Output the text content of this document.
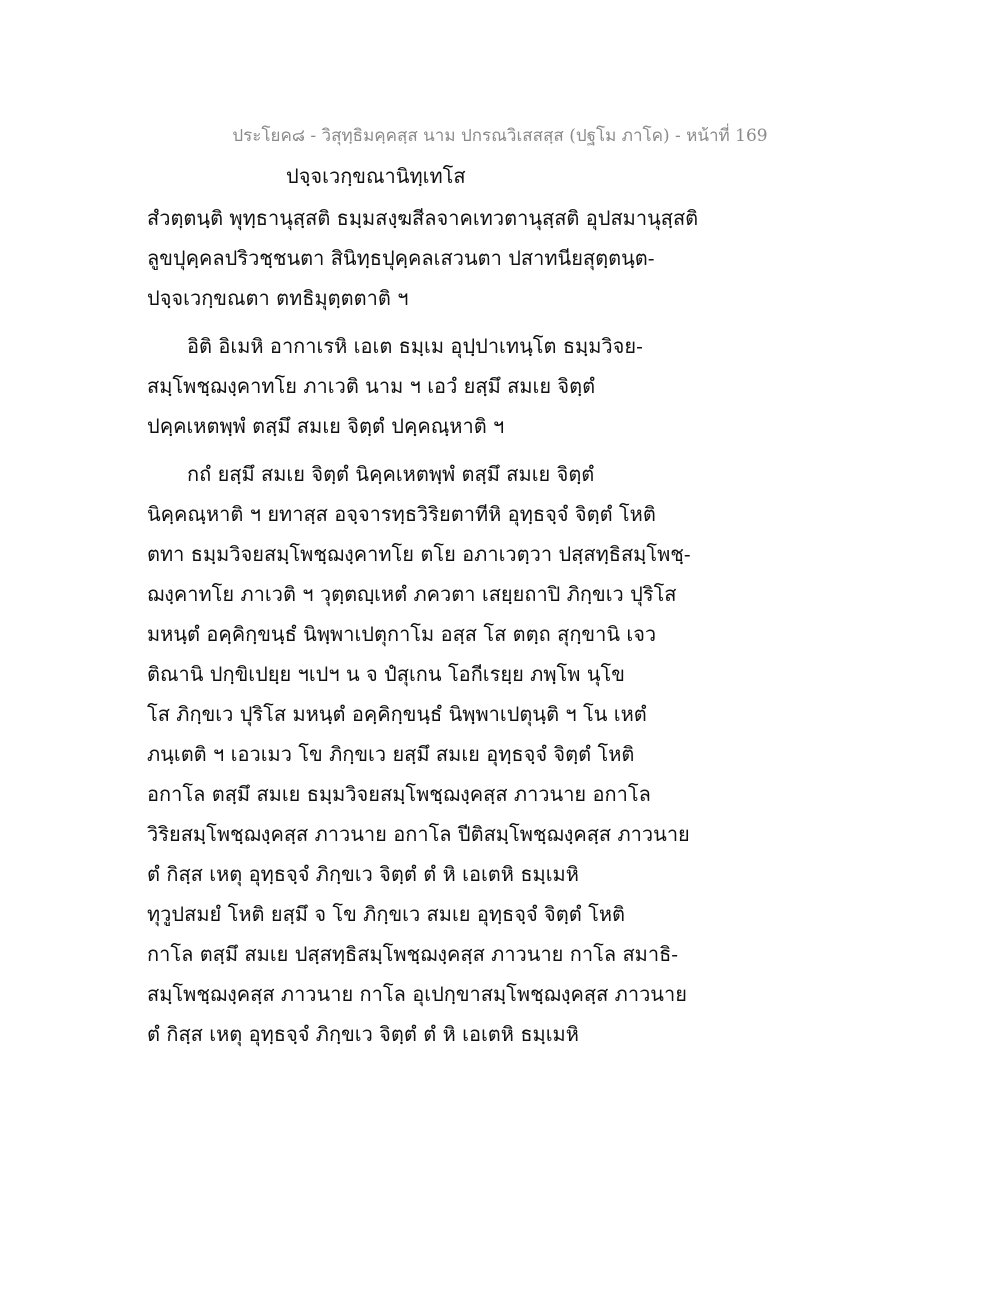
ประโยค๘ - วิสุทฺธิมคฺคสฺส นาม ปกรณวิเสสสฺส (ปฐโม ภาโค) - หน้าที่ 169
ปจฺจเวกฺขณานิทฺเทโส
สํวตฺตนฺติ พุทฺธานุสฺสติ ธมฺมสงฺฆสีลจาคเทวตานุสฺสติ อุปสมานุสฺสติ
ลูขปุคฺคลปริวชฺชนตา สินิทฺธปุคฺคลเสวนตา ปสาทนียสุตฺตนฺต-
ปจฺจเวกฺขณตา ตทธิมุตฺตตาติ ฯ
อิติ อิเมหิ อากาเรหิ เอเต ธมฺเม อุปฺปาเทนฺโต ธมฺมวิจย-
สมฺโพชฺฌงฺคาทโย ภาเวติ นาม ฯ เอวํ ยสฺมึ สมเย จิตฺตํ
ปคฺคเหตพฺพํ ตสฺมึ สมเย จิตฺตํ ปคฺคณฺหาติ ฯ
กถํ ยสฺมึ สมเย จิตฺตํ นิคฺคเหตพฺพํ ตสฺมึ สมเย จิตฺตํ
นิคฺคณฺหาติ ฯ ยทาสฺส อจฺจารทฺธวิริยตาทีหิ อุทฺธจฺจํ จิตฺตํ โหติ
ตทา ธมฺมวิจยสมฺโพชฺฌงฺคาทโย ตโย อภาเวตฺวา ปสฺสทฺธิสมฺโพชฺ-
ฌงฺคาทโย ภาเวติ ฯ วุตฺตญฺเหตํ ภควตา เสยฺยถาปิ ภิกฺขเว ปุริโส
มหนฺตํ อคฺคิกฺขนฺธํ นิพฺพาเปตุกาโม อสฺส โส ตตฺถ สุกฺขานิ เจว
ติณานิ ปกฺขิเปยฺย ฯเปฯ น จ ปํสุเกน โอกีเรยฺย ภพฺโพ นุโข
โส ภิกฺขเว ปุริโส มหนฺตํ อคฺคิกฺขนฺธํ นิพฺพาเปตุนฺติ ฯ โน เหตํ
ภนฺเตติ ฯ เอวเมว โข ภิกฺขเว ยสฺมึ สมเย อุทฺธจฺจํ จิตฺตํ โหติ
อกาโล ตสฺมึ สมเย ธมฺมวิจยสมฺโพชฺฌงฺคสฺส ภาวนาย อกาโล
วิริยสมฺโพชฺฌงฺคสฺส ภาวนาย อกาโล ปีติสมฺโพชฺฌงฺคสฺส ภาวนาย
ตํ กิสฺส เหตุ อุทฺธจฺจํ ภิกฺขเว จิตฺตํ ตํ หิ เอเตหิ ธมฺเมหิ
ทุวูปสมยํ โหติ ยสฺมึ จ โข ภิกฺขเว สมเย อุทฺธจฺจํ จิตฺตํ โหติ
กาโล ตสฺมึ สมเย ปสฺสทฺธิสมฺโพชฺฌงฺคสฺส ภาวนาย กาโล สมาธิ-
สมฺโพชฺฌงฺคสฺส ภาวนาย กาโล อุเปกฺขาสมฺโพชฺฌงฺคสฺส ภาวนาย
ตํ กิสฺส เหตุ อุทฺธจฺจํ ภิกฺขเว จิตฺตํ ตํ หิ เอเตหิ ธมฺเมหิ
